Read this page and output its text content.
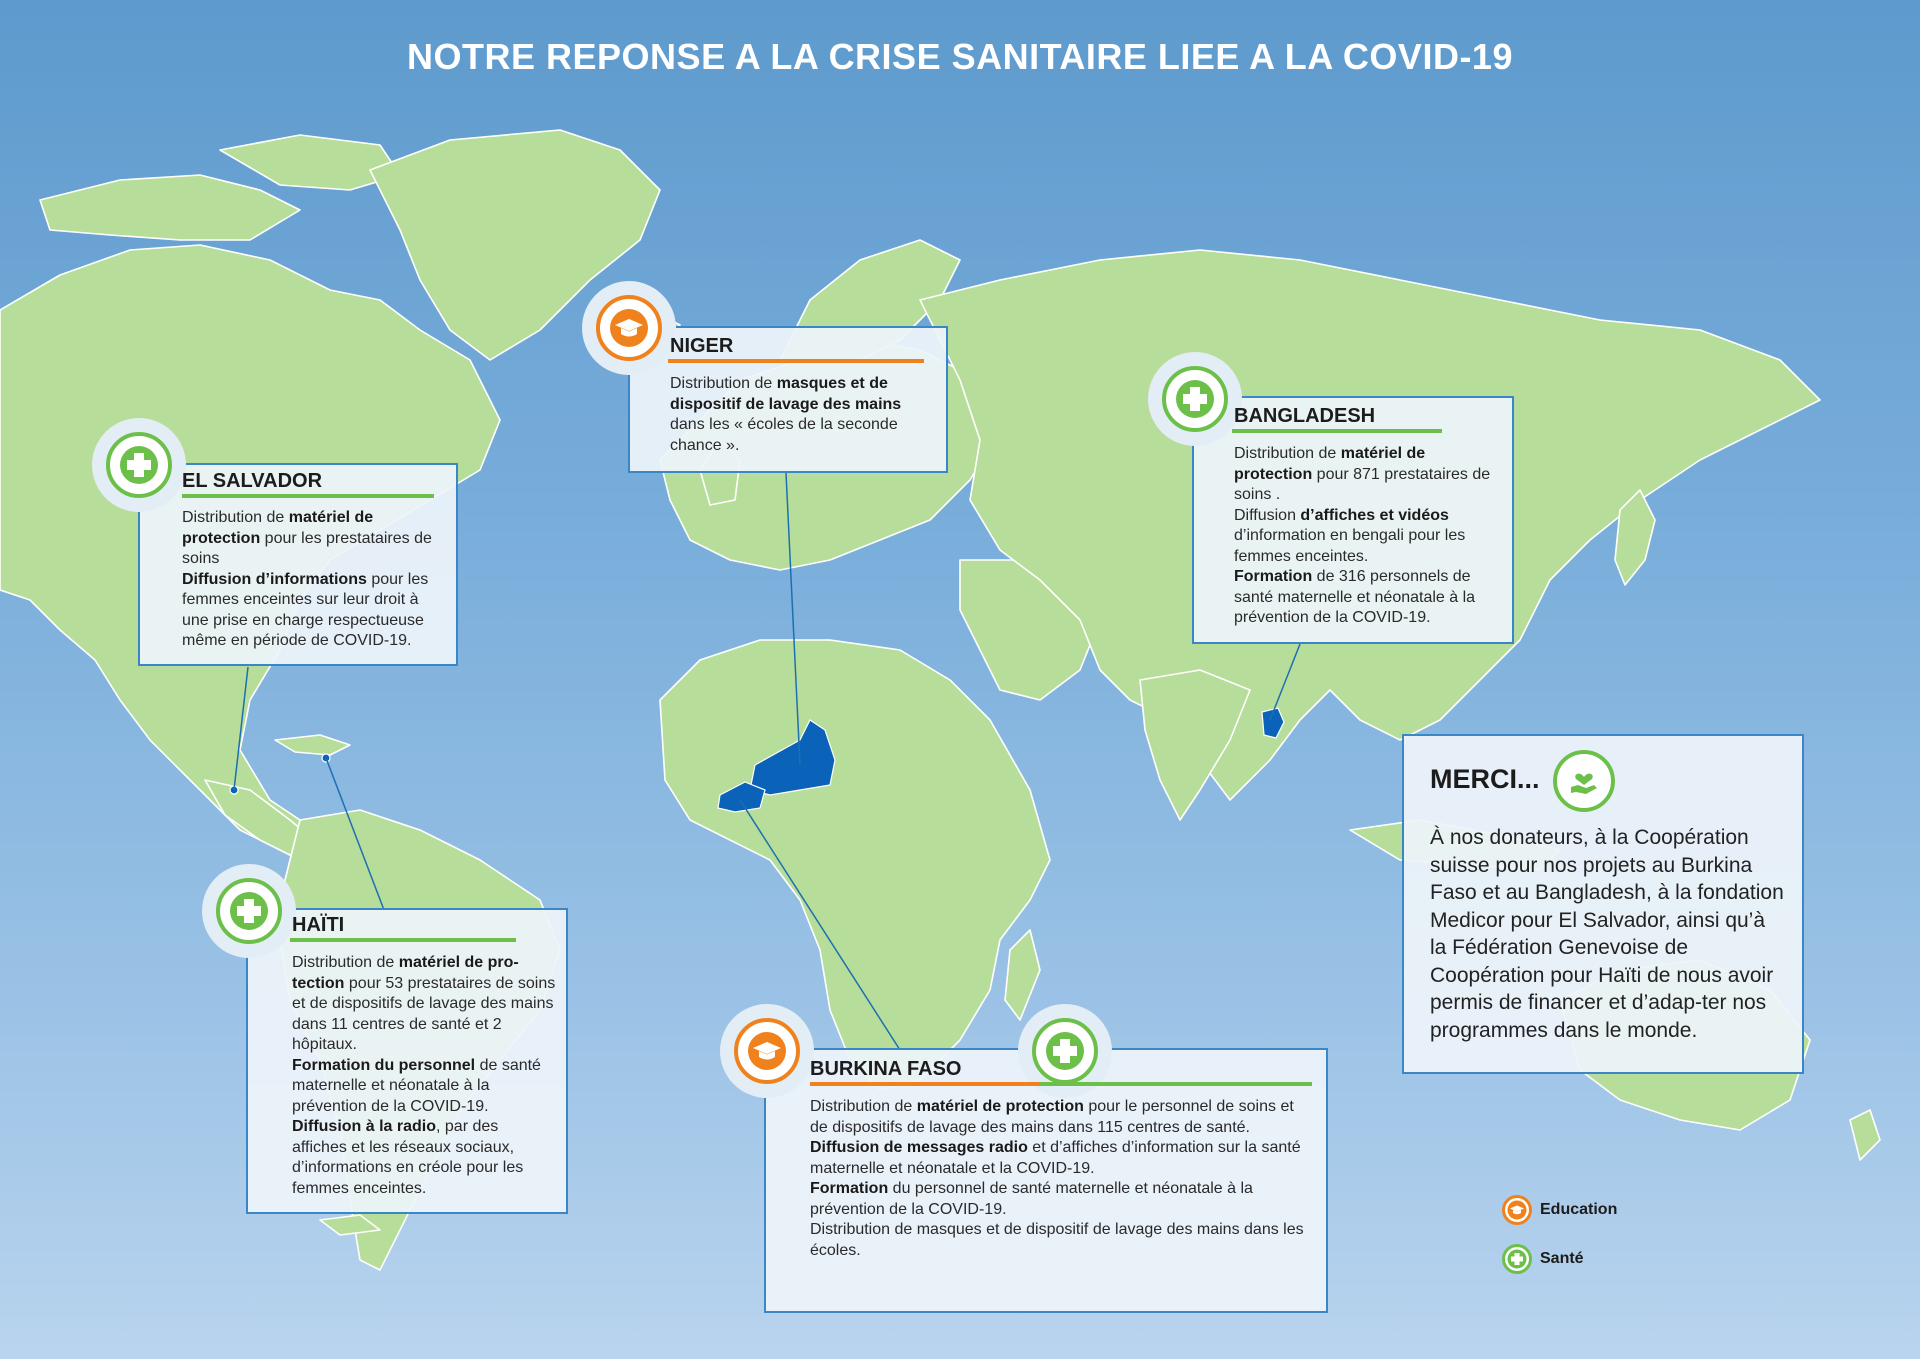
NOTRE REPONSE A LA CRISE SANITAIRE LIEE A LA COVID-19
EL SALVADOR

Distribution de matériel de protection pour les prestataires de soins

Diffusion d’informations pour les femmes enceintes sur leur droit à une prise en charge respectueuse même en période de COVID-19.

NIGER

Distribution de masques et de dispositif de lavage des mains dans les « écoles de la seconde chance ».

BANGLADESH

Distribution de matériel de protection pour 871 prestataires de soins .

Diffusion d’affiches et vidéos d’information en bengali pour les femmes enceintes.

Formation de 316 personnels de santé maternelle et néonatale à la prévention de la COVID-19.

HAÏTI

Distribution de matériel de pro-tection pour 53 prestataires de soins et de dispositifs de lavage des mains dans 11 centres de santé et 2 hôpitaux.

Formation du personnel de santé maternelle et néonatale à la prévention de la COVID-19.

Diffusion à la radio, par des affiches et les réseaux sociaux, d’informations en créole pour les femmes enceintes.

BURKINA FASO

Distribution de matériel de protection pour le personnel de soins et de dispositifs de lavage des mains dans 115 centres de santé.

Diffusion de messages radio et d’affiches d’information sur la santé maternelle et néonatale et la COVID-19.

Formation du personnel de santé maternelle et néonatale à la prévention de la COVID-19.

Distribution de masques et de dispositif de lavage des mains dans les écoles.

MERCI...
À nos donateurs, à la Coopération suisse pour nos projets au Burkina Faso et au Bangladesh, à la fondation Medicor pour El Salvador, ainsi qu’à la Fédération Genevoise de Coopération pour Haïti de nous avoir permis de financer et d’adap-ter nos programmes dans le monde.
Education
Santé
